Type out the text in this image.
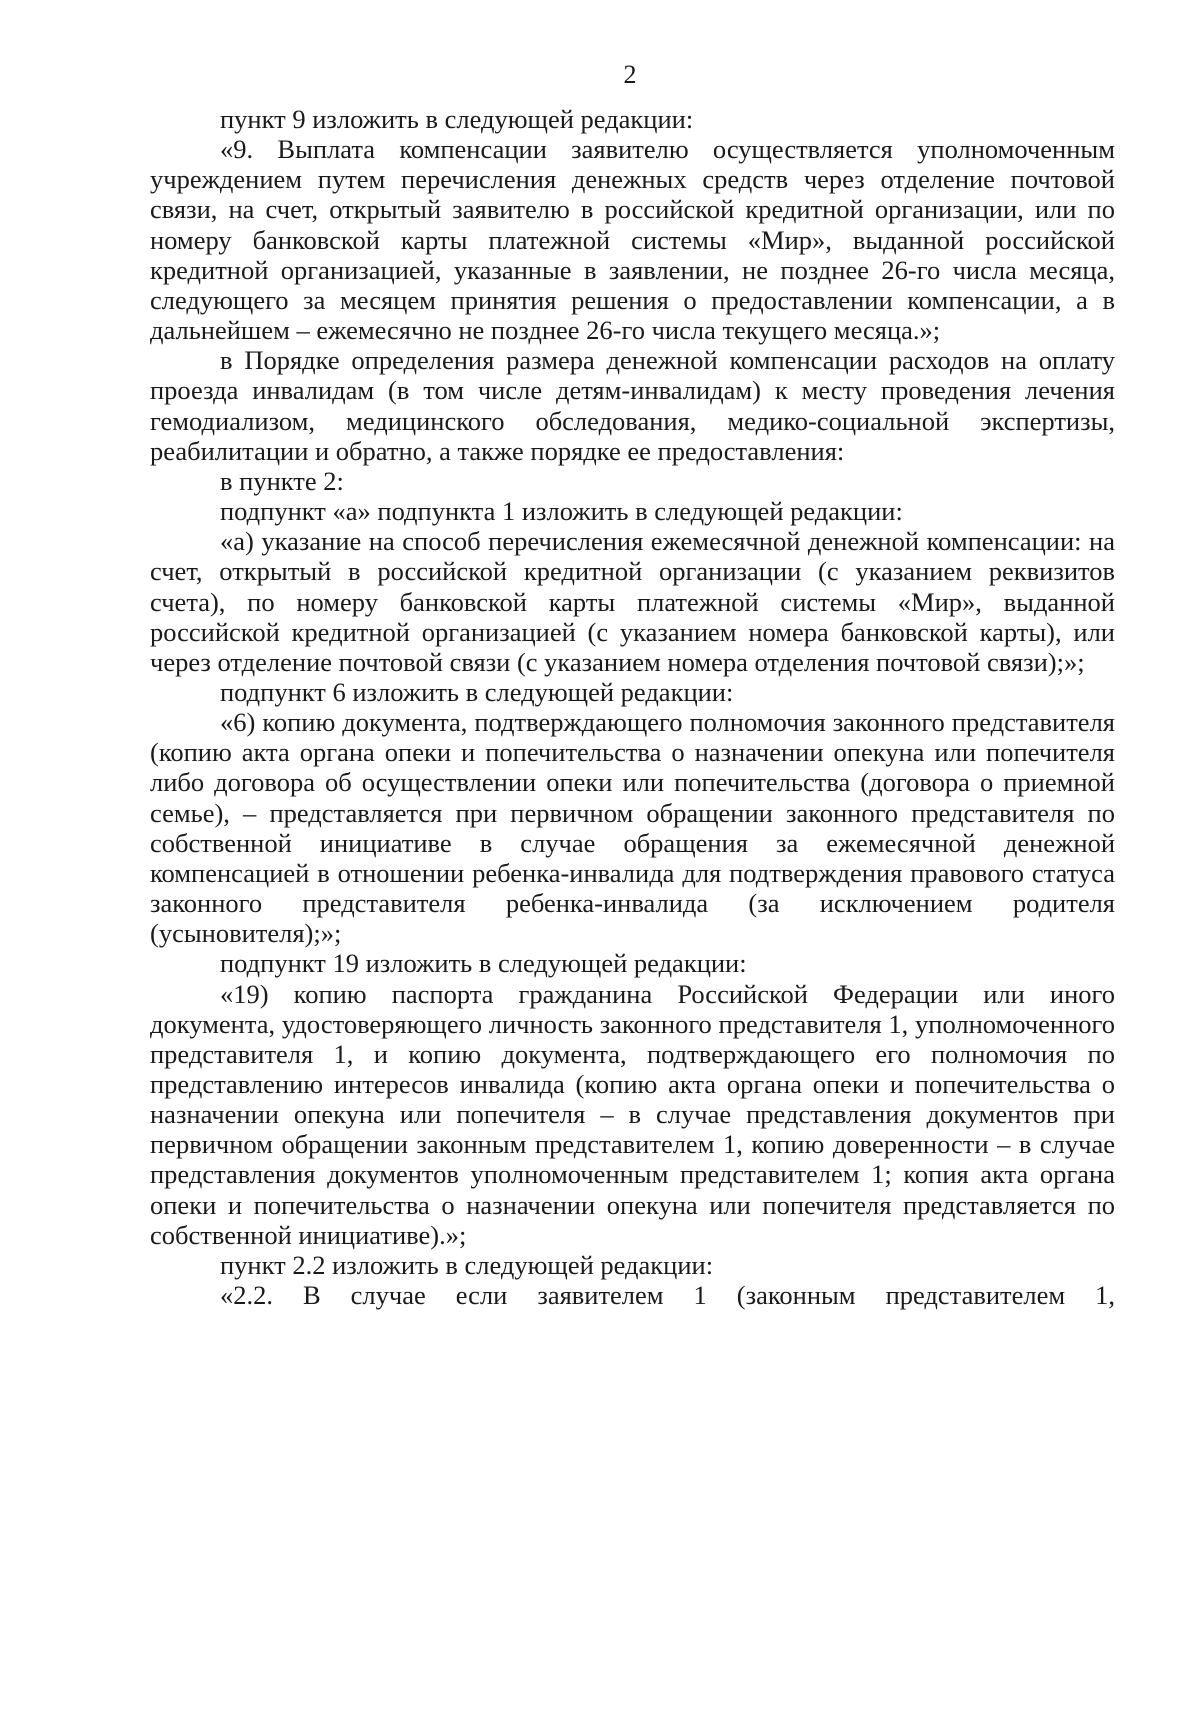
2

пункт 9 изложить в следующей редакции:

«9. Выплата компенсации заявителю осуществляется уполномоченным учреждением путем перечисления денежных средств через отделение почтовой связи, на счет, открытый заявителю в российской кредитной организации, или по номеру банковской карты платежной системы «Мир», выданной российской кредитной организацией, указанные в заявлении, не позднее 26-го числа месяца, следующего за месяцем принятия решения о предоставлении компенсации, а в дальнейшем – ежемесячно не позднее 26-го числа текущего месяца.»;

в Порядке определения размера денежной компенсации расходов на оплату проезда инвалидам (в том числе детям-инвалидам) к месту проведения лечения гемодиализом, медицинского обследования, медико-социальной экспертизы, реабилитации и обратно, а также порядке ее предоставления:

в пункте 2:

подпункт «а» подпункта 1 изложить в следующей редакции:

«а) указание на способ перечисления ежемесячной денежной компенсации: на счет, открытый в российской кредитной организации (с указанием реквизитов счета), по номеру банковской карты платежной системы «Мир», выданной российской кредитной организацией (с указанием номера банковской карты), или через отделение почтовой связи (с указанием номера отделения почтовой связи);»;

подпункт 6 изложить в следующей редакции:

«6) копию документа, подтверждающего полномочия законного представителя (копию акта органа опеки и попечительства о назначении опекуна или попечителя либо договора об осуществлении опеки или попечительства (договора о приемной семье), – представляется при первичном обращении законного представителя по собственной инициативе в случае обращения за ежемесячной денежной компенсацией в отношении ребенка-инвалида для подтверждения правового статуса законного представителя ребенка-инвалида (за исключением родителя (усыновителя);»;

подпункт 19 изложить в следующей редакции:

«19) копию паспорта гражданина Российской Федерации или иного документа, удостоверяющего личность законного представителя 1, уполномоченного представителя 1, и копию документа, подтверждающего его полномочия по представлению интересов инвалида (копию акта органа опеки и попечительства о назначении опекуна или попечителя – в случае представления документов при первичном обращении законным представителем 1, копию доверенности – в случае представления документов уполномоченным представителем 1; копия акта органа опеки и попечительства о назначении опекуна или попечителя представляется по собственной инициативе).»;

пункт 2.2 изложить в следующей редакции:

«2.2. В случае если заявителем 1 (законным представителем 1,
